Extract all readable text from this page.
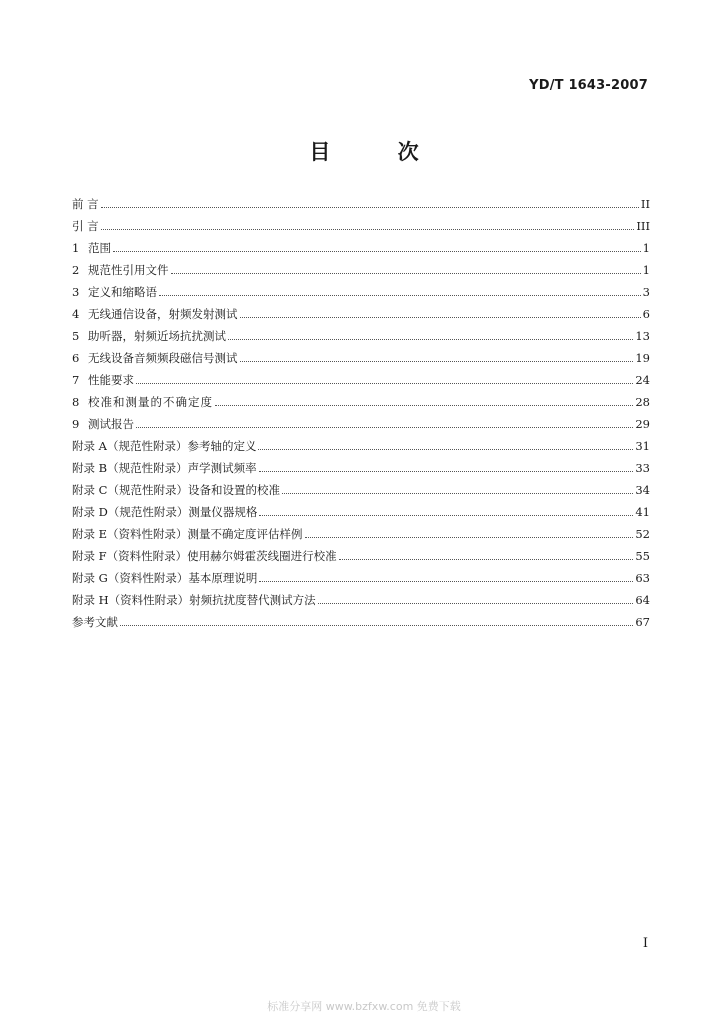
YD/T 1643-2007
目 次
前 言	II
引 言	III
1 范围	1
2 规范性引用文件	1
3 定义和缩略语	3
4 无线通信设备，射频发射测试	6
5 助听器，射频近场抗扰测试	13
6 无线设备音频频段磁信号测试	19
7 性能要求	24
8 校准和测量的不确定度	28
9 测试报告	29
附录 A（规范性附录）参考轴的定义	31
附录 B（规范性附录）声学测试频率	33
附录 C（规范性附录）设备和设置的校准	34
附录 D（规范性附录）测量仪器规格	41
附录 E（资料性附录）测量不确定度评估样例	52
附录 F（资料性附录）使用赫尔姆霍茨线圈进行校准	55
附录 G（资料性附录）基本原理说明	63
附录 H（资料性附录）射频抗扰度替代测试方法	64
参考文献	67
I
标准分享网 www.bzfxw.com 免费下载
